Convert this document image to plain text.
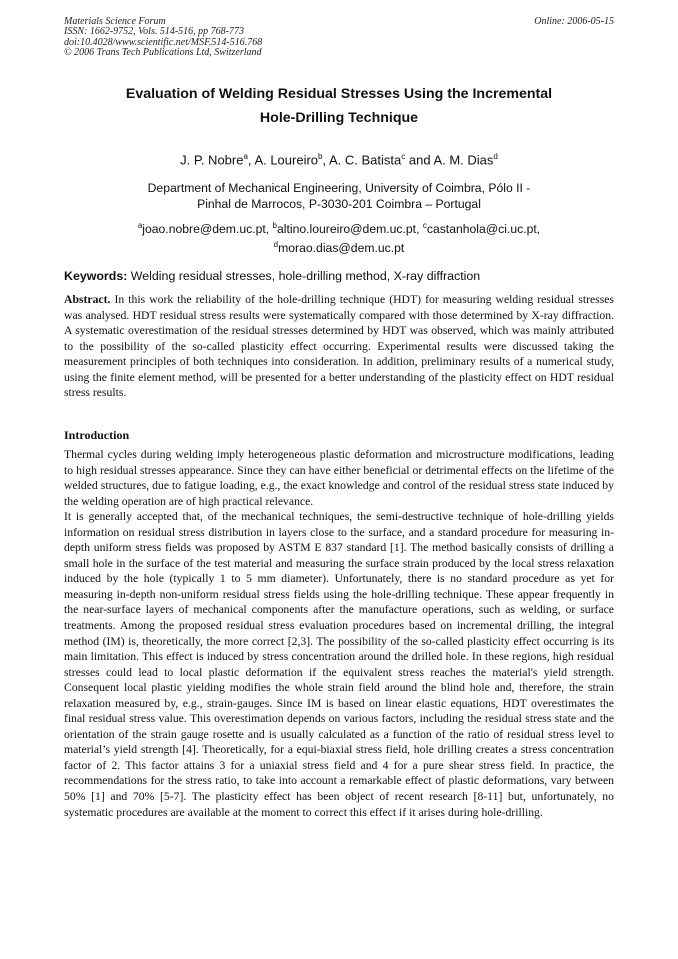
Materials Science Forum
ISSN: 1662-9752, Vols. 514-516, pp 768-773
doi:10.4028/www.scientific.net/MSF.514-516.768
© 2006 Trans Tech Publications Ltd, Switzerland
Online: 2006-05-15
Evaluation of Welding Residual Stresses Using the Incremental
Hole-Drilling Technique
J. P. Nobre$^a$, A. Loureiro$^b$, A. C. Batista$^c$ and A. M. Dias$^d$
Department of Mechanical Engineering, University of Coimbra, Pólo II -
Pinhal de Marrocos, P-3030-201 Coimbra – Portugal
$^a$joao.nobre@dem.uc.pt, $^b$altino.loureiro@dem.uc.pt, $^c$castanhola@ci.uc.pt,
$^d$morao.dias@dem.uc.pt
Keywords: Welding residual stresses, hole-drilling method, X-ray diffraction

Abstract. In this work the reliability of the hole-drilling technique (HDT) for measuring welding residual stresses was analysed. HDT residual stress results were systematically compared with those determined by X-ray diffraction. A systematic overestimation of the residual stresses determined by HDT was observed, which was mainly attributed to the possibility of the so-called plasticity effect occurring. Experimental results were discussed taking the measurement principles of both techniques into consideration. In addition, preliminary results of a numerical study, using the finite element method, will be presented for a better understanding of the plasticity effect on HDT residual stress results.

Introduction

Thermal cycles during welding imply heterogeneous plastic deformation and microstructure modifications, leading to high residual stresses appearance. Since they can have either beneficial or detrimental effects on the lifetime of the welded structures, due to fatigue loading, e.g., the exact knowledge and control of the residual stress state induced by the welding operation are of high practical relevance.

It is generally accepted that, of the mechanical techniques, the semi-destructive technique of hole-drilling yields information on residual stress distribution in layers close to the surface, and a standard procedure for measuring in-depth uniform stress fields was proposed by ASTM E 837 standard [1]. The method basically consists of drilling a small hole in the surface of the test material and measuring the surface strain produced by the local stress relaxation induced by the hole (typically 1 to 5 mm diameter). Unfortunately, there is no standard procedure as yet for measuring in-depth non-uniform residual stress fields using the hole-drilling technique. These appear frequently in the near-surface layers of mechanical components after the manufacture operations, such as welding, or surface treatments. Among the proposed residual stress evaluation procedures based on incremental drilling, the integral method (IM) is, theoretically, the more correct [2,3]. The possibility of the so-called plasticity effect occurring is its main limitation. This effect is induced by stress concentration around the drilled hole. In these regions, high residual stresses could lead to local plastic deformation if the equivalent stress reaches the material's yield strength. Consequent local plastic yielding modifies the whole strain field around the blind hole and, therefore, the strain relaxation measured by, e.g., strain-gauges. Since IM is based on linear elastic equations, HDT overestimates the final residual stress value. This overestimation depends on various factors, including the residual stress state and the orientation of the strain gauge rosette and is usually calculated as a function of the ratio of residual stress level to material’s yield strength [4]. Theoretically, for a equi-biaxial stress field, hole drilling creates a stress concentration factor of 2. This factor attains 3 for a uniaxial stress field and 4 for a pure shear stress field. In practice, the recommendations for the stress ratio, to take into account a remarkable effect of plastic deformations, vary between 50% [1] and 70% [5-7]. The plasticity effect has been object of recent research [8-11] but, unfortunately, no systematic procedures are available at the moment to correct this effect if it arises during hole-drilling.
